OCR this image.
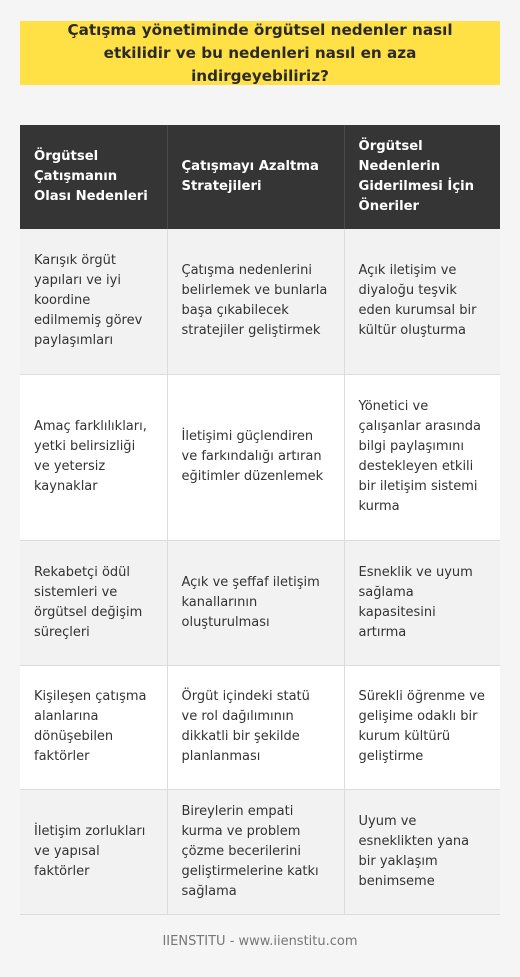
Çatışma yönetiminde örgütsel nedenler nasıl etkilidir ve bu nedenleri nasıl en aza indirgeyebiliriz?
Örgütsel Çatışmanın Olası Nedenleri	Çatışmayı Azaltma Stratejileri	Örgütsel Nedenlerin Giderilmesi İçin Öneriler
Karışık örgüt yapıları ve iyi koordine edilmemiş görev paylaşımları	Çatışma nedenlerini belirlemek ve bunlarla başa çıkabilecek stratejiler geliştirmek	Açık iletişim ve diyaloğu teşvik eden kurumsal bir kültür oluşturma
Amaç farklılıkları, yetki belirsizliği ve yetersiz kaynaklar	İletişimi güçlendiren ve farkındalığı artıran eğitimler düzenlemek	Yönetici ve çalışanlar arasında bilgi paylaşımını destekleyen etkili bir iletişim sistemi kurma
Rekabetçi ödül sistemleri ve örgütsel değişim süreçleri	Açık ve şeffaf iletişim kanallarının oluşturulması	Esneklik ve uyum sağlama kapasitesini artırma
Kişileşen çatışma alanlarına dönüşebilen faktörler	Örgüt içindeki statü ve rol dağılımının dikkatli bir şekilde planlanması	Sürekli öğrenme ve gelişime odaklı bir kurum kültürü geliştirme
İletişim zorlukları ve yapısal faktörler	Bireylerin empati kurma ve problem çözme becerilerini geliştirmelerine katkı sağlama	Uyum ve esneklikten yana bir yaklaşım benimseme
IIENSTITU - www.iienstitu.com
